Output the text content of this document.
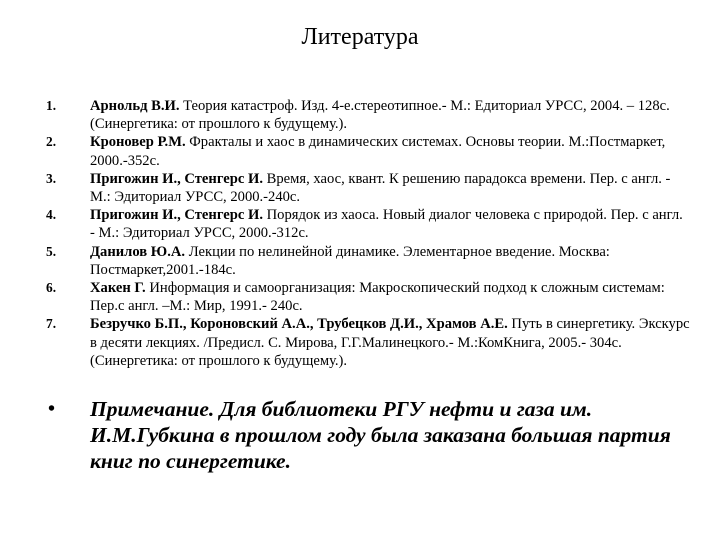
Литература
1. Арнольд В.И. Теория катастроф. Изд. 4-е.стереотипное.- М.: Едиториал УРСС, 2004. – 128с. (Синергетика: от прошлого к будущему.).
2. Кроновер Р.М. Фракталы и хаос в динамических системах. Основы теории. М.:Постмаркет, 2000.-352с.
3. Пригожин И., Стенгерс И. Время, хаос, квант. К решению парадокса времени. Пер. с англ. - М.: Эдиториал УРСС, 2000.-240с.
4. Пригожин И., Стенгерс И. Порядок из хаоса. Новый диалог человека с природой. Пер. с англ. - М.: Эдиториал УРСС, 2000.-312с.
5. Данилов Ю.А. Лекции по нелинейной динамике. Элементарное введение. Москва: Постмаркет,2001.-184с.
6. Хакен Г. Информация и самоорганизация: Макроскопический подход к сложным системам: Пер.с англ. –М.: Мир, 1991.- 240с.
7. Безручко Б.П., Короновский А.А., Трубецков Д.И., Храмов А.Е. Путь в синергетику. Экскурс в десяти лекциях. /Предисл. С. Мирова, Г.Г.Малинецкого.- М.:КомКнига, 2005.- 304с. (Синергетика: от прошлого к будущему.).
• Примечание. Для библиотеки РГУ нефти и газа им. И.М.Губкина в прошлом году была заказана большая партия книг по синергетике.
